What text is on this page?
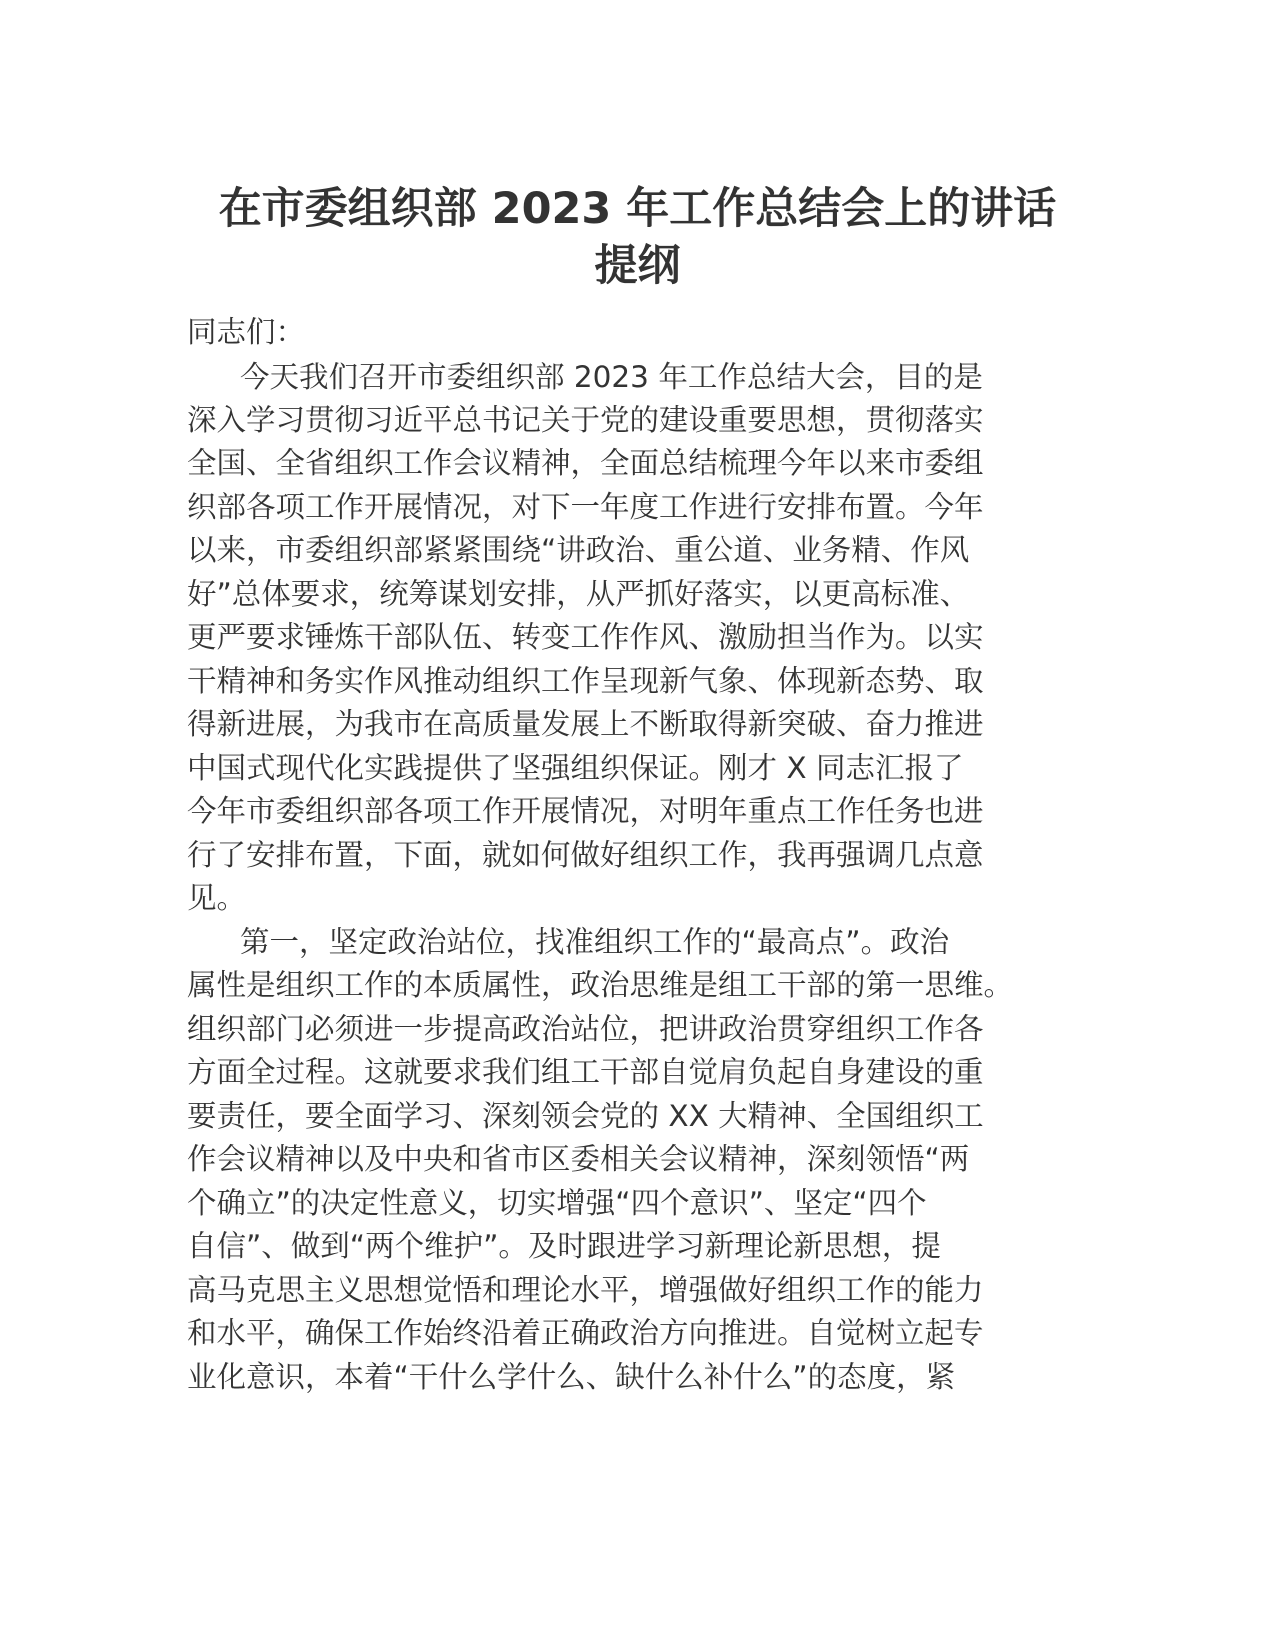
在市委组织部 2023 年工作总结会上的讲话
提纲

同志们：

今天我们召开市委组织部 2023 年工作总结大会，目的是

深入学习贯彻习近平总书记关于党的建设重要思想，贯彻落实

全国、全省组织工作会议精神，全面总结梳理今年以来市委组

织部各项工作开展情况，对下一年度工作进行安排布置。今年

以来，市委组织部紧紧围绕“讲政治、重公道、业务精、作风

好”总体要求，统筹谋划安排，从严抓好落实，以更高标准、

更严要求锤炼干部队伍、转变工作作风、激励担当作为。以实

干精神和务实作风推动组织工作呈现新气象、体现新态势、取

得新进展，为我市在高质量发展上不断取得新突破、奋力推进

中国式现代化实践提供了坚强组织保证。刚才 X 同志汇报了

今年市委组织部各项工作开展情况，对明年重点工作任务也进

行了安排布置，下面，就如何做好组织工作，我再强调几点意

见。

第一，坚定政治站位，找准组织工作的“最高点”。政治

属性是组织工作的本质属性，政治思维是组工干部的第一思维。

组织部门必须进一步提高政治站位，把讲政治贯穿组织工作各

方面全过程。这就要求我们组工干部自觉肩负起自身建设的重

要责任，要全面学习、深刻领会党的 XX 大精神、全国组织工

作会议精神以及中央和省市区委相关会议精神，深刻领悟“两

个确立”的决定性意义，切实增强“四个意识”、坚定“四个

自信”、做到“两个维护”。及时跟进学习新理论新思想，提

高马克思主义思想觉悟和理论水平，增强做好组织工作的能力

和水平，确保工作始终沿着正确政治方向推进。自觉树立起专

业化意识，本着“干什么学什么、缺什么补什么”的态度，紧
